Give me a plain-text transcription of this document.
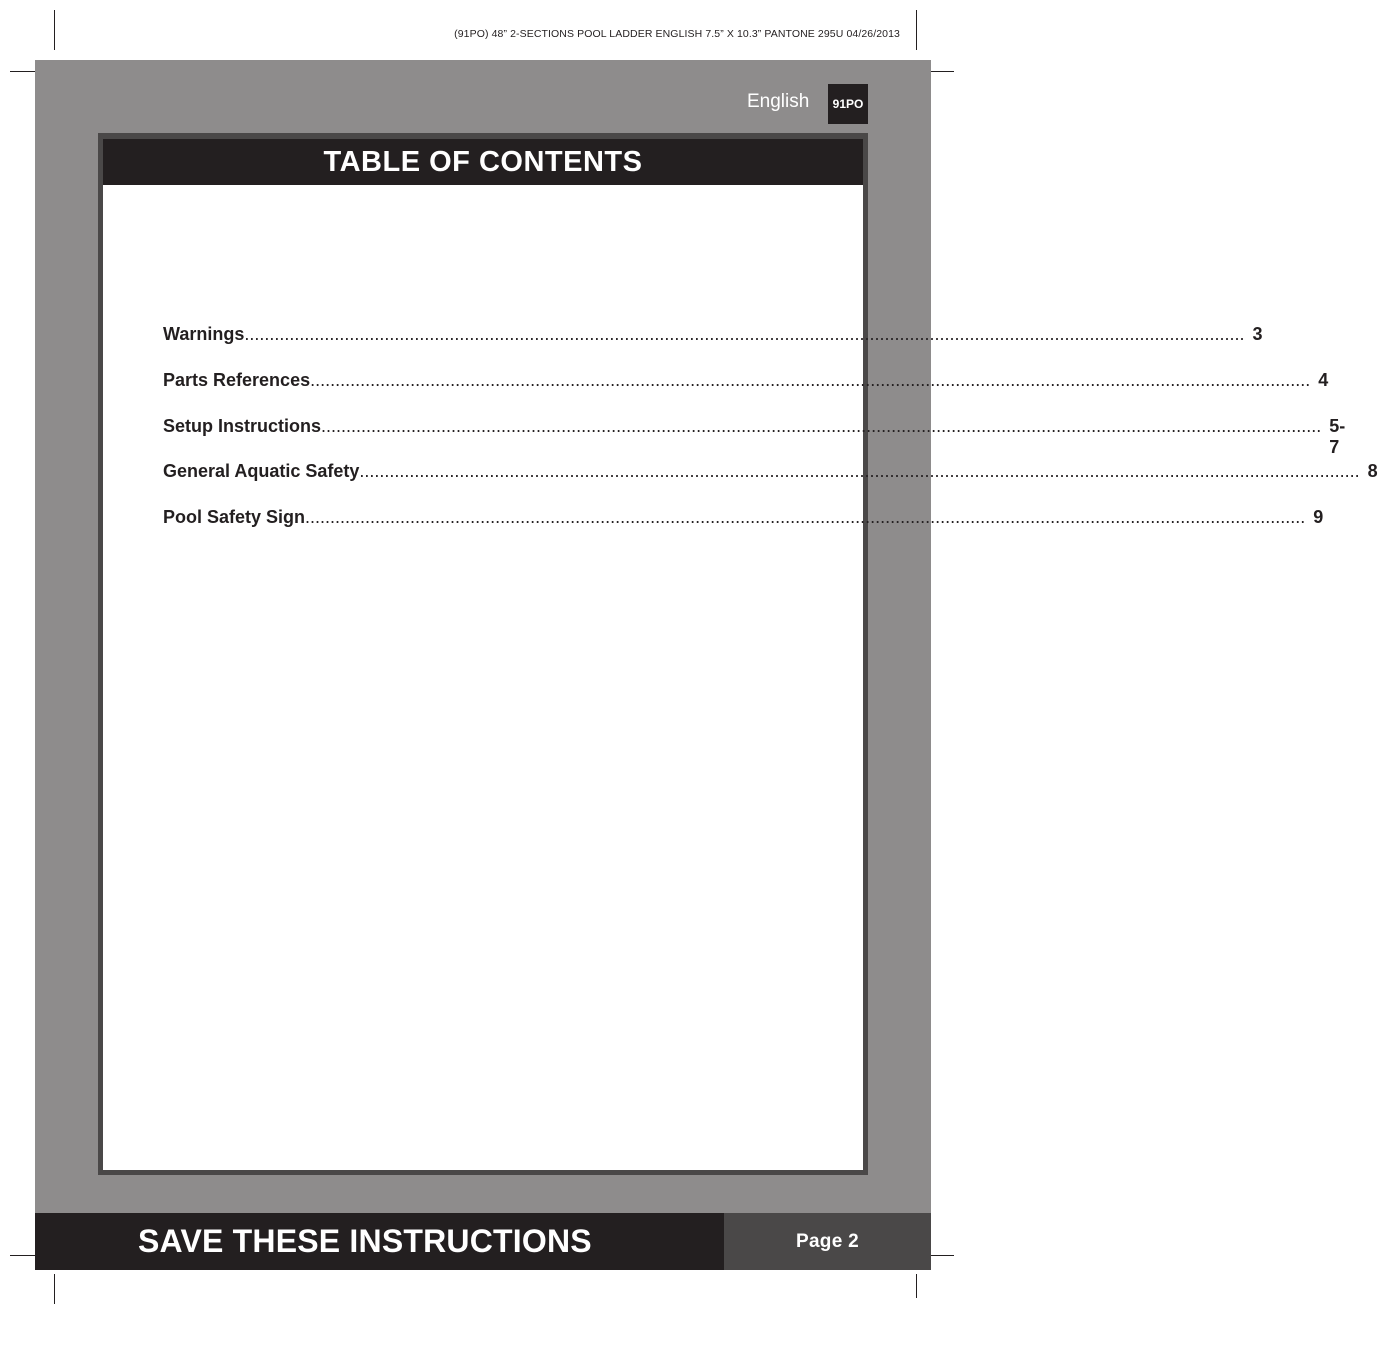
(91PO) 48” 2-SECTIONS POOL LADDER ENGLISH 7.5” X 10.3” PANTONE 295U 04/26/2013
English	91PO
TABLE OF CONTENTS
Warnings ........................................................................................................................................................................................................ 3
Parts References ........................................................................................................................................................................................................ 4
Setup Instructions ........................................................................................................................................................................................................ 5-7
General Aquatic Safety ........................................................................................................................................................................................................ 8
Pool Safety Sign ........................................................................................................................................................................................................ 9
SAVE THESE INSTRUCTIONS	Page 2
